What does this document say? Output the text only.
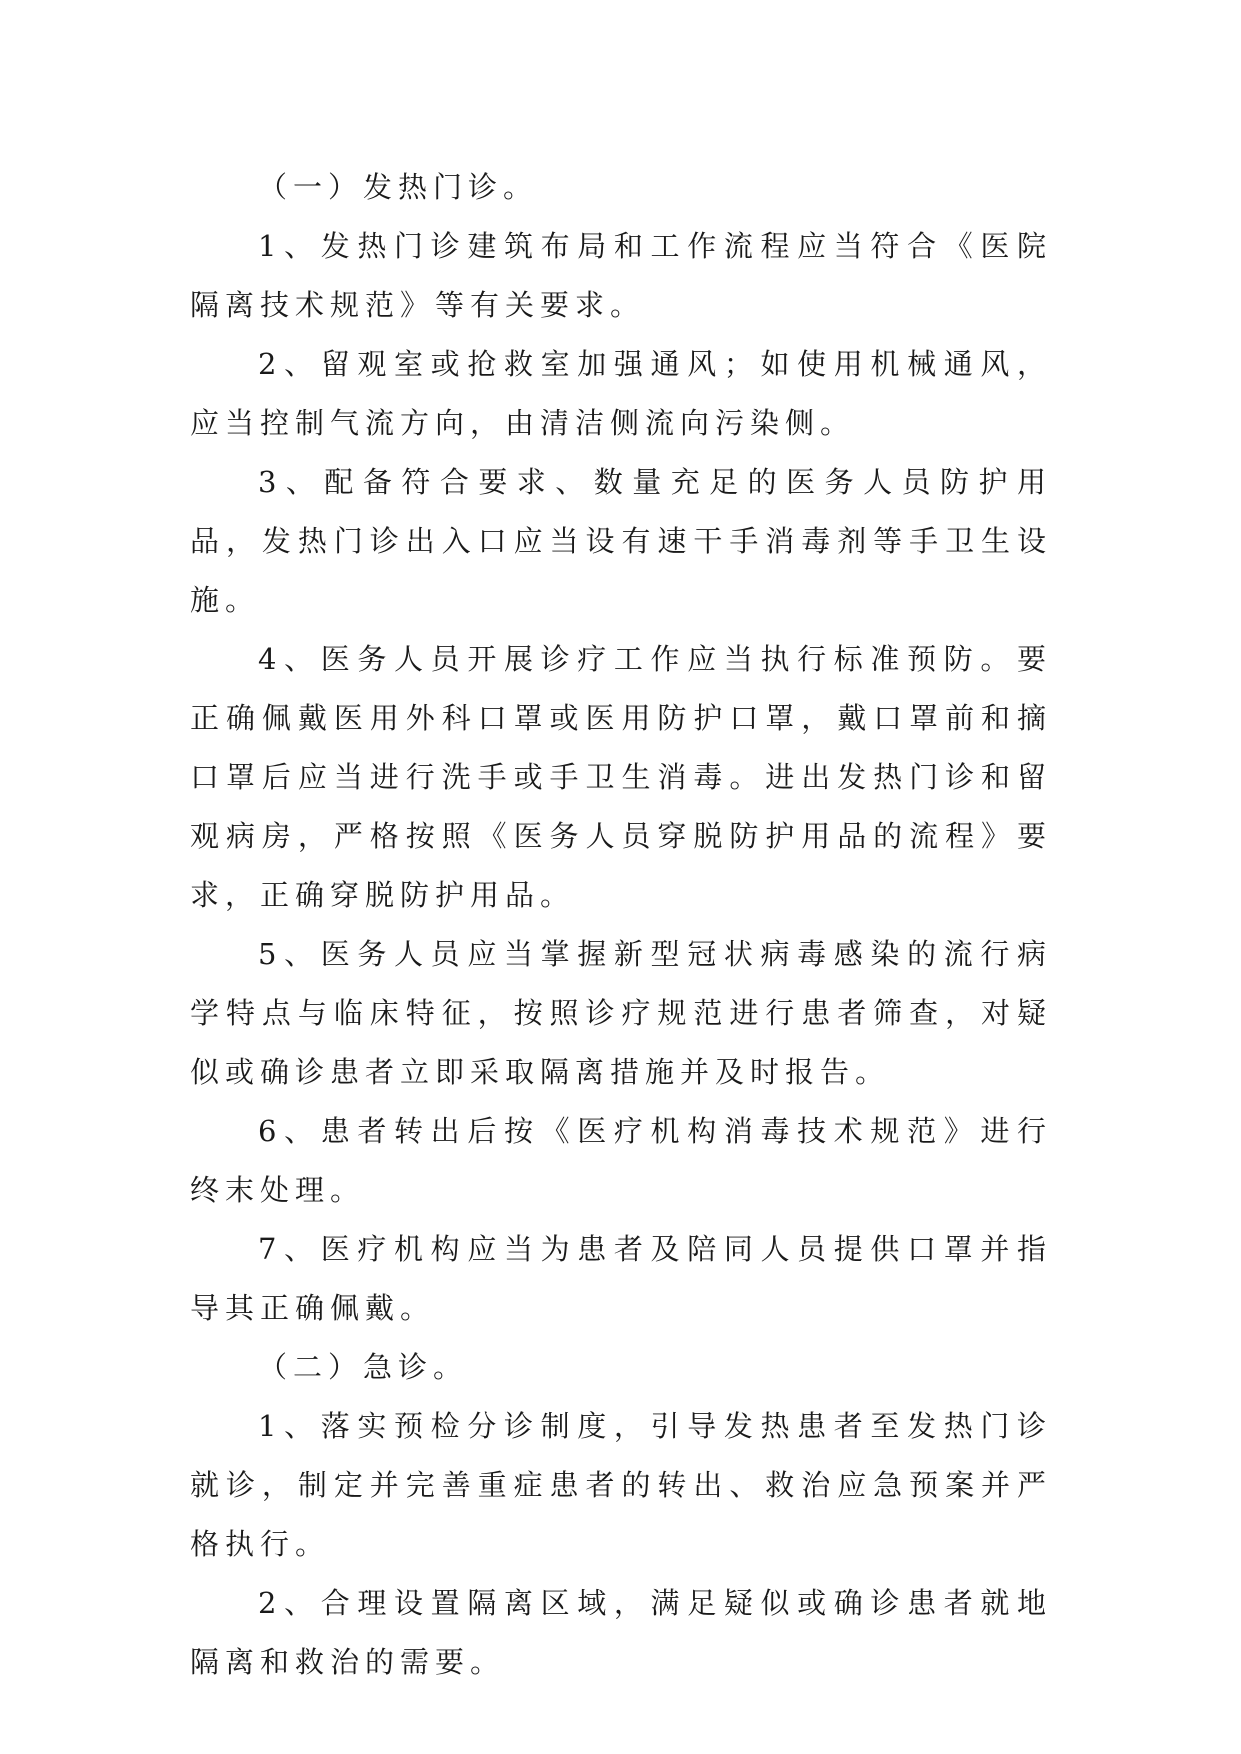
（一）发热门诊。

1、发热门诊建筑布局和工作流程应当符合《医院隔离技术规范》等有关要求。

2、留观室或抢救室加强通风；如使用机械通风，应当控制气流方向，由清洁侧流向污染侧。

3、配备符合要求、数量充足的医务人员防护用品，发热门诊出入口应当设有速干手消毒剂等手卫生设施。

4、医务人员开展诊疗工作应当执行标准预防。要正确佩戴医用外科口罩或医用防护口罩，戴口罩前和摘口罩后应当进行洗手或手卫生消毒。进出发热门诊和留观病房，严格按照《医务人员穿脱防护用品的流程》要求，正确穿脱防护用品。

5、医务人员应当掌握新型冠状病毒感染的流行病学特点与临床特征，按照诊疗规范进行患者筛查，对疑似或确诊患者立即采取隔离措施并及时报告。

6、患者转出后按《医疗机构消毒技术规范》进行终末处理。

7、医疗机构应当为患者及陪同人员提供口罩并指导其正确佩戴。

（二）急诊。

1、落实预检分诊制度，引导发热患者至发热门诊就诊，制定并完善重症患者的转出、救治应急预案并严格执行。

2、合理设置隔离区域，满足疑似或确诊患者就地隔离和救治的需要。
